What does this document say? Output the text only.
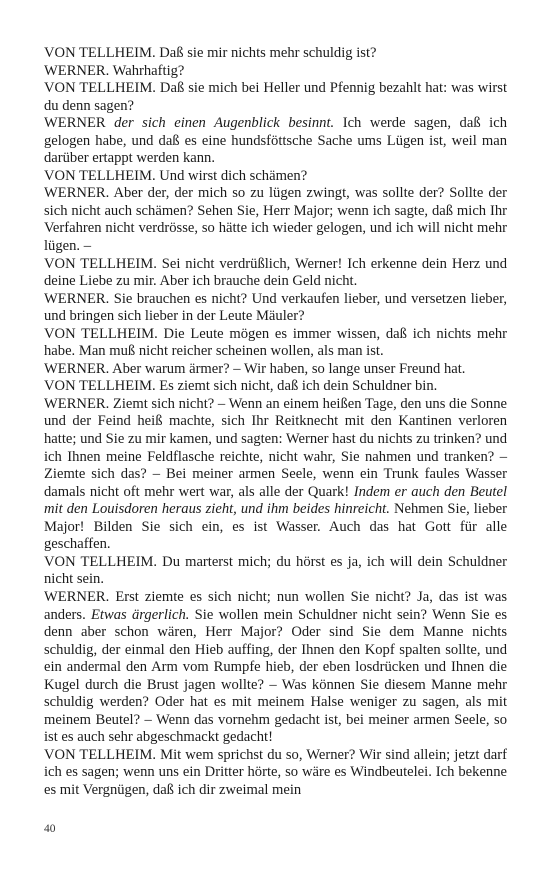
VON TELLHEIM. Daß sie mir nichts mehr schuldig ist?

WERNER. Wahrhaftig?

VON TELLHEIM. Daß sie mich bei Heller und Pfennig bezahlt hat: was wirst du denn sagen?

WERNER der sich einen Augenblick besinnt. Ich werde sagen, daß ich gelogen habe, und daß es eine hundsföttsche Sache ums Lügen ist, weil man darüber ertappt werden kann.

VON TELLHEIM. Und wirst dich schämen?

WERNER. Aber der, der mich so zu lügen zwingt, was sollte der? Sollte der sich nicht auch schämen? Sehen Sie, Herr Major; wenn ich sagte, daß mich Ihr Verfahren nicht verdrösse, so hätte ich wieder gelogen, und ich will nicht mehr lügen. –

VON TELLHEIM. Sei nicht verdrüßlich, Werner! Ich erkenne dein Herz und deine Liebe zu mir. Aber ich brauche dein Geld nicht.

WERNER. Sie brauchen es nicht? Und verkaufen lieber, und versetzen lieber, und bringen sich lieber in der Leute Mäuler?

VON TELLHEIM. Die Leute mögen es immer wissen, daß ich nichts mehr habe. Man muß nicht reicher scheinen wollen, als man ist.

WERNER. Aber warum ärmer? – Wir haben, so lange unser Freund hat.

VON TELLHEIM. Es ziemt sich nicht, daß ich dein Schuldner bin.

WERNER. Ziemt sich nicht? – Wenn an einem heißen Tage, den uns die Sonne und der Feind heiß machte, sich Ihr Reitknecht mit den Kantinen verloren hatte; und Sie zu mir kamen, und sagten: Werner hast du nichts zu trinken? und ich Ihnen meine Feldflasche reichte, nicht wahr, Sie nahmen und tranken? – Ziemte sich das? – Bei meiner armen Seele, wenn ein Trunk faules Wasser damals nicht oft mehr wert war, als alle der Quark! Indem er auch den Beutel mit den Louisdoren heraus zieht, und ihm beides hinreicht. Nehmen Sie, lieber Major! Bilden Sie sich ein, es ist Wasser. Auch das hat Gott für alle geschaffen.

VON TELLHEIM. Du marterst mich; du hörst es ja, ich will dein Schuldner nicht sein.

WERNER. Erst ziemte es sich nicht; nun wollen Sie nicht? Ja, das ist was anders. Etwas ärgerlich. Sie wollen mein Schuldner nicht sein? Wenn Sie es denn aber schon wären, Herr Major? Oder sind Sie dem Manne nichts schuldig, der einmal den Hieb auffing, der Ihnen den Kopf spalten sollte, und ein andermal den Arm vom Rumpfe hieb, der eben losdrücken und Ihnen die Kugel durch die Brust jagen wollte? – Was können Sie diesem Manne mehr schuldig werden? Oder hat es mit meinem Halse weniger zu sagen, als mit meinem Beutel? – Wenn das vornehm gedacht ist, bei meiner armen Seele, so ist es auch sehr abgeschmackt gedacht!

VON TELLHEIM. Mit wem sprichst du so, Werner? Wir sind allein; jetzt darf ich es sagen; wenn uns ein Dritter hörte, so wäre es Windbeutelei. Ich bekenne es mit Vergnügen, daß ich dir zweimal mein

40
